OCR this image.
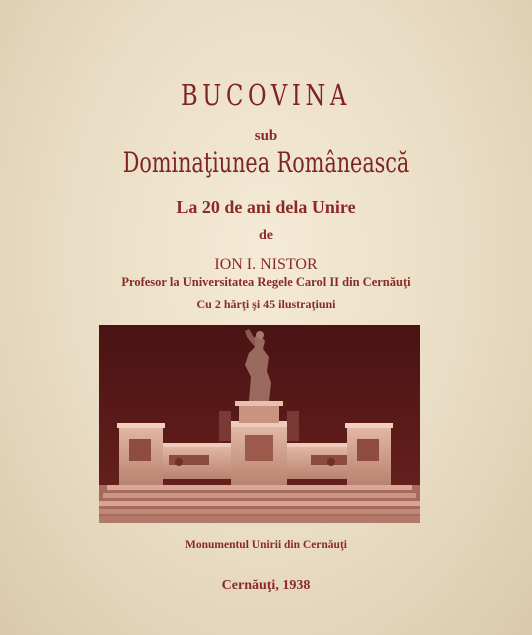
BUCOVINA
sub
Dominaţiunea Românească
La 20 de ani dela Unire
de
ION I. NISTOR
Profesor la Universitatea Regele Carol II din Cernăuţi
Cu 2 hărţi şi 45 ilustraţiuni
Monumentul Unirii din Cernăuţi
Cernăuţi, 1938
